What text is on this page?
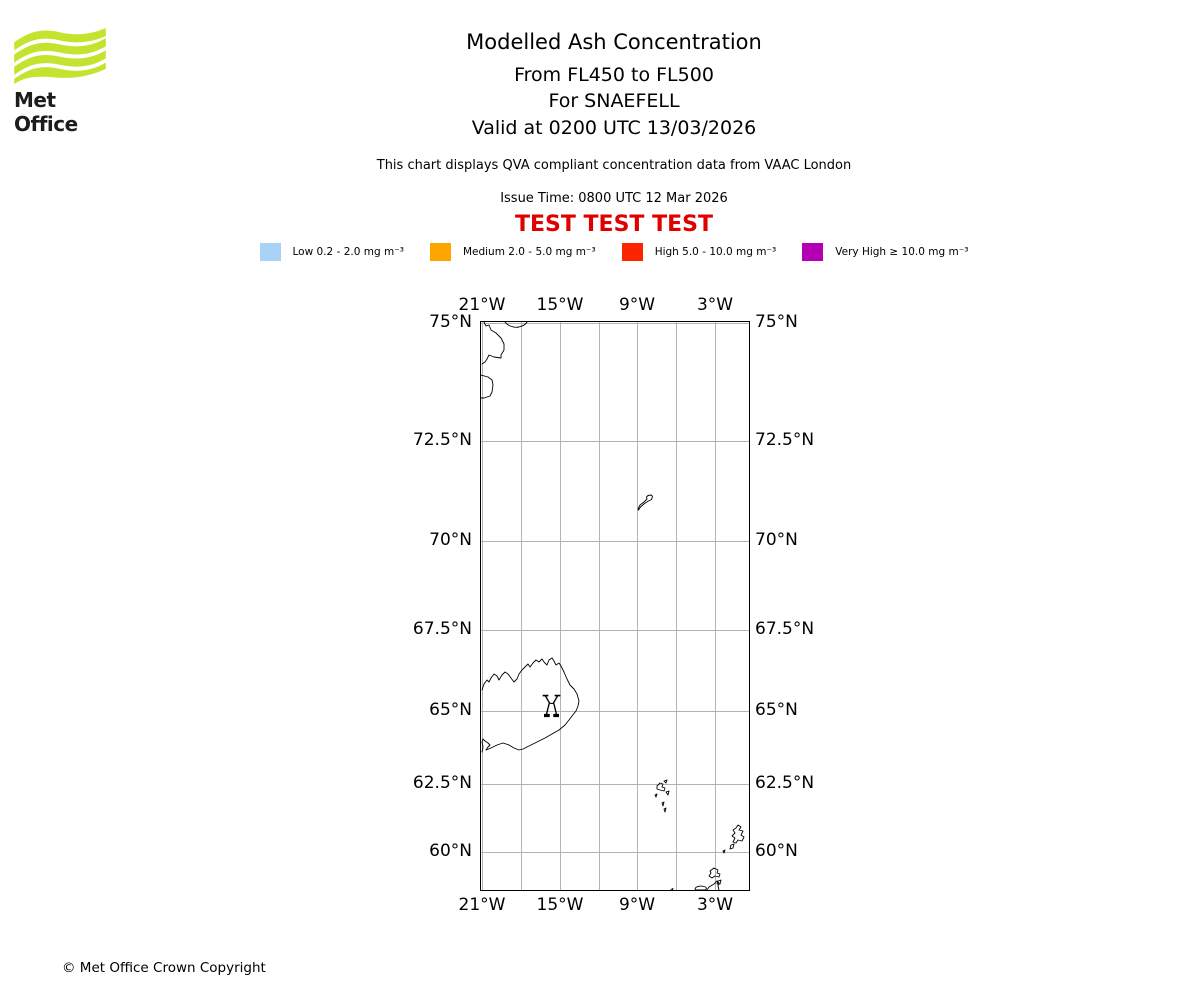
Met Office
Modelled Ash Concentration
From FL450 to FL500
For SNAEFELL
Valid at 0200 UTC 13/03/2026
This chart displays QVA compliant concentration data from VAAC London
Issue Time: 0800 UTC 12 Mar 2026
TEST TEST TEST
Low 0.2 - 2.0 mg m⁻³	Medium 2.0 - 5.0 mg m⁻³	High 5.0 - 10.0 mg m⁻³	Very High ≥ 10.0 mg m⁻³
75°N
72.5°N
70°N
67.5°N
65°N
62.5°N
60°N
75°N
72.5°N
70°N
67.5°N
65°N
62.5°N
60°N
21°W	15°W	9°W	3°W
21°W	15°W	9°W	3°W
© Met Office Crown Copyright
